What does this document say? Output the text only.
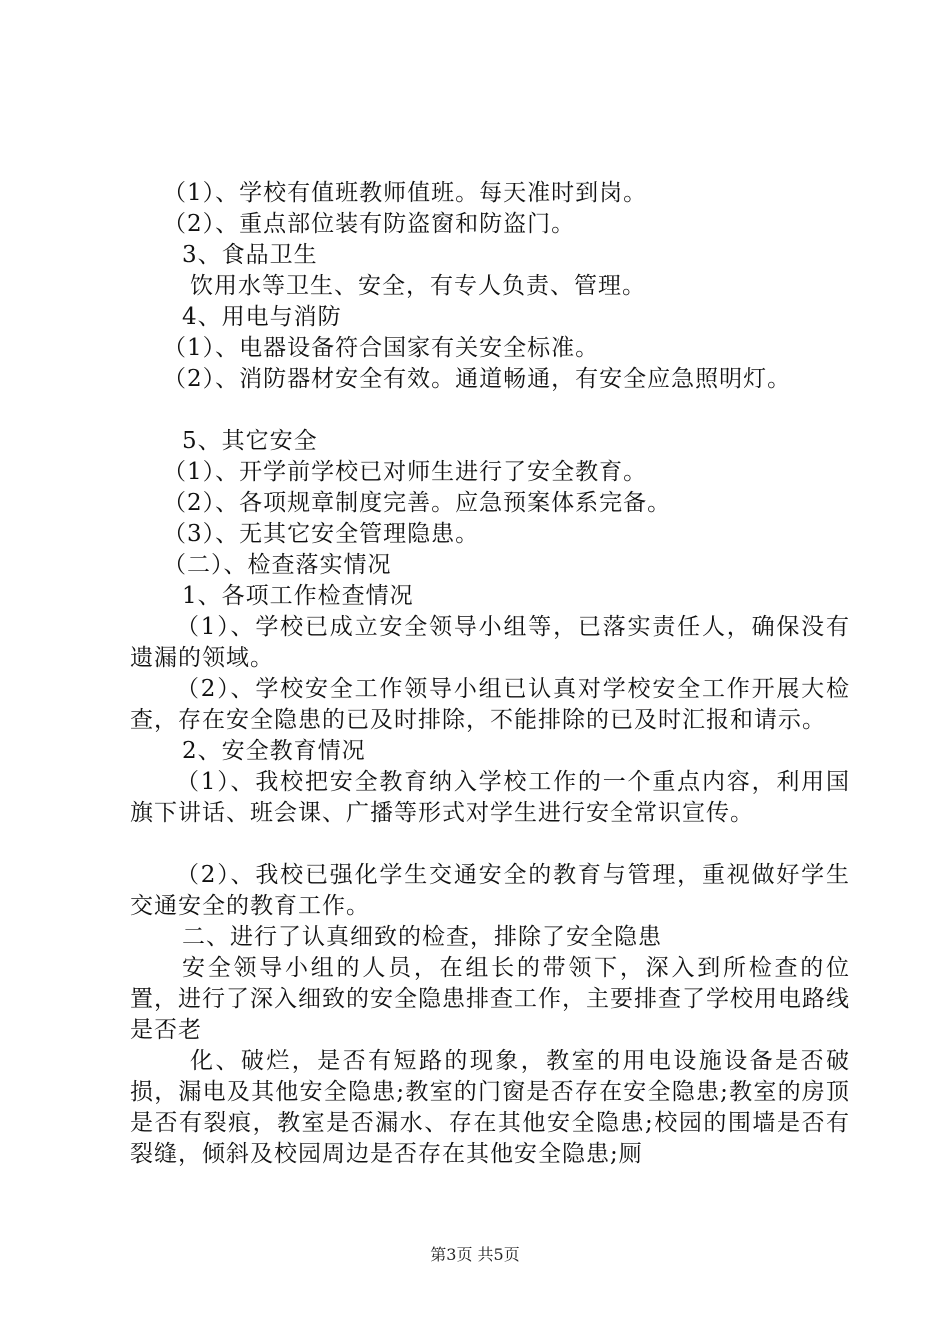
（1）、学校有值班教师值班。每天准时到岗。
（2）、重点部位装有防盗窗和防盗门。
3、食品卫生
饮用水等卫生、安全，有专人负责、管理。
4、用电与消防
（1）、电器设备符合国家有关安全标准。
（2）、消防器材安全有效。通道畅通，有安全应急照明灯。
5、其它安全
（1）、开学前学校已对师生进行了安全教育。
（2）、各项规章制度完善。应急预案体系完备。
（3）、无其它安全管理隐患。
（二）、检查落实情况
1、各项工作检查情况
（1）、学校已成立安全领导小组等，已落实责任人，确保没有遗漏的领域。
（2）、学校安全工作领导小组已认真对学校安全工作开展大检查，存在安全隐患的已及时排除，不能排除的已及时汇报和请示。
2、安全教育情况
（1）、我校把安全教育纳入学校工作的一个重点内容，利用国旗下讲话、班会课、广播等形式对学生进行安全常识宣传。
（2）、我校已强化学生交通安全的教育与管理，重视做好学生交通安全的教育工作。
二、进行了认真细致的检查，排除了安全隐患
安全领导小组的人员，在组长的带领下，深入到所检查的位置，进行了深入细致的安全隐患排查工作，主要排查了学校用电路线是否老
化、破烂，是否有短路的现象，教室的用电设施设备是否破损，漏电及其他安全隐患;教室的门窗是否存在安全隐患;教室的房顶是否有裂痕，教室是否漏水、存在其他安全隐患;校园的围墙是否有裂缝，倾斜及校园周边是否存在其他安全隐患;厕
第3页 共5页
